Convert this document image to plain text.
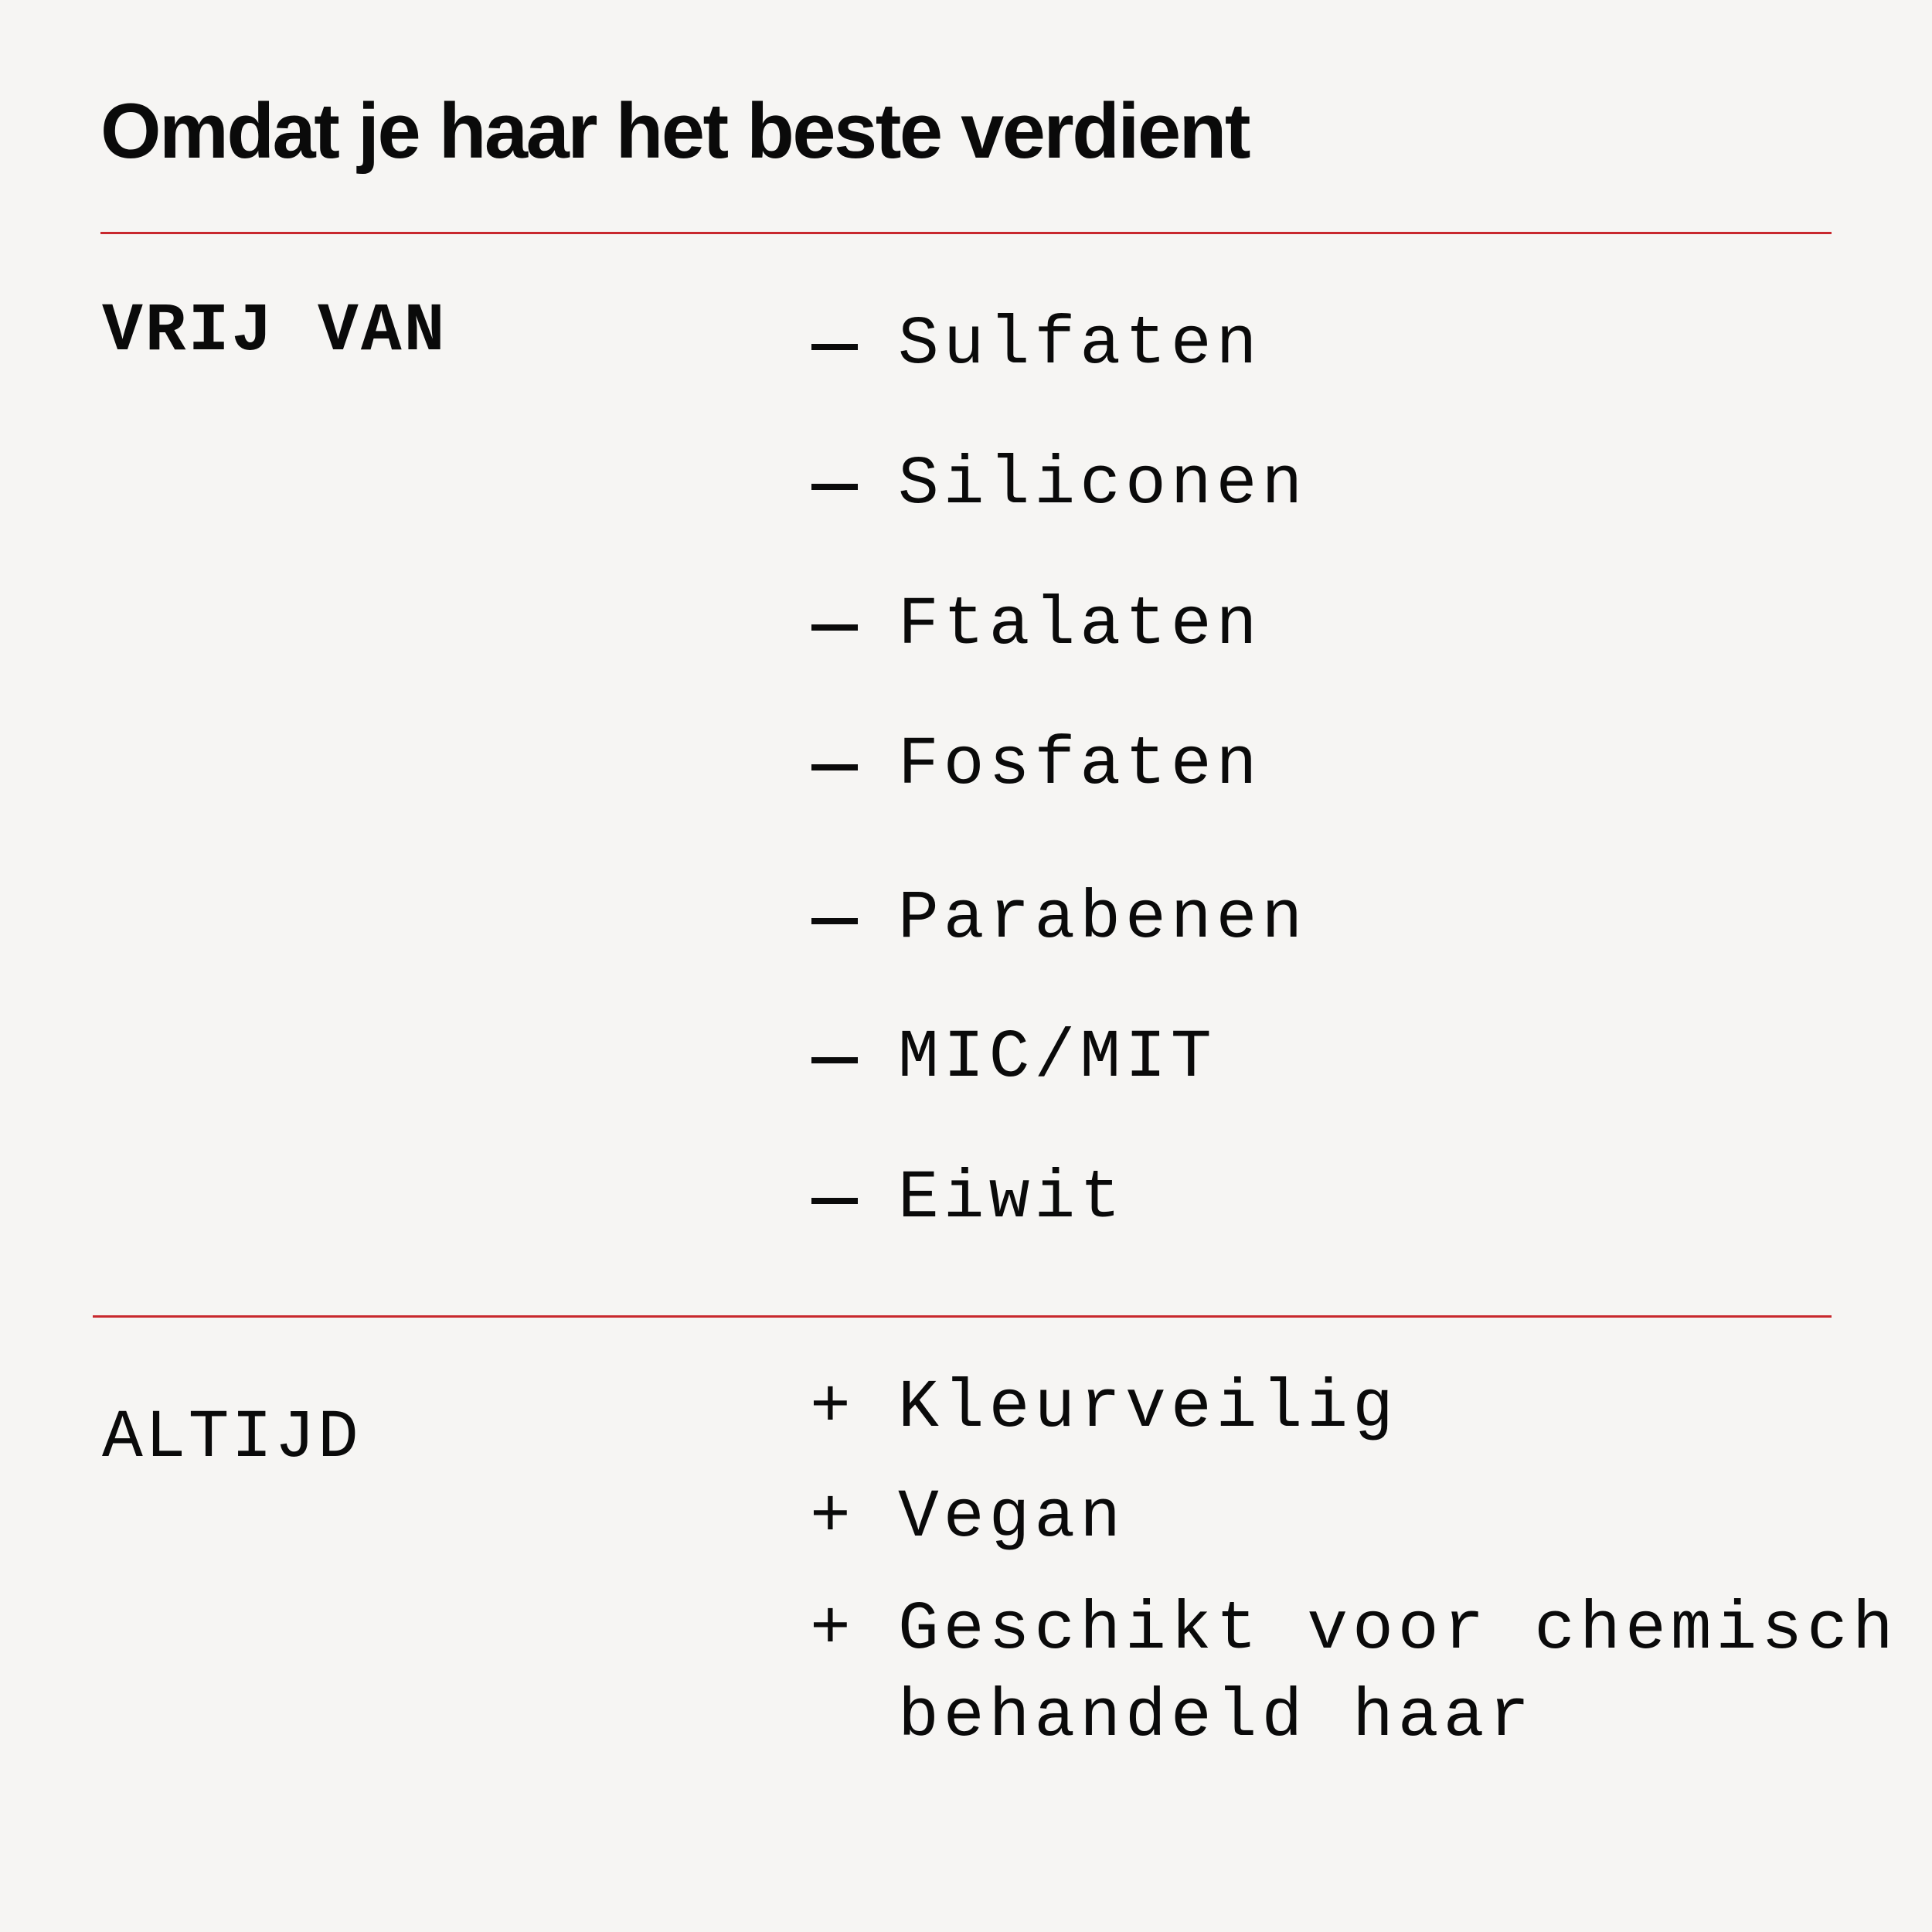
Omdat je haar het beste verdient
VRIJ VAN	Sulfaten
Siliconen
Ftalaten
Fosfaten
Parabenen
MIC/MIT
Eiwit
ALTIJD	+ Kleurveilig
+ Vegan
+ Geschikt voor chemisch
behandeld haar
